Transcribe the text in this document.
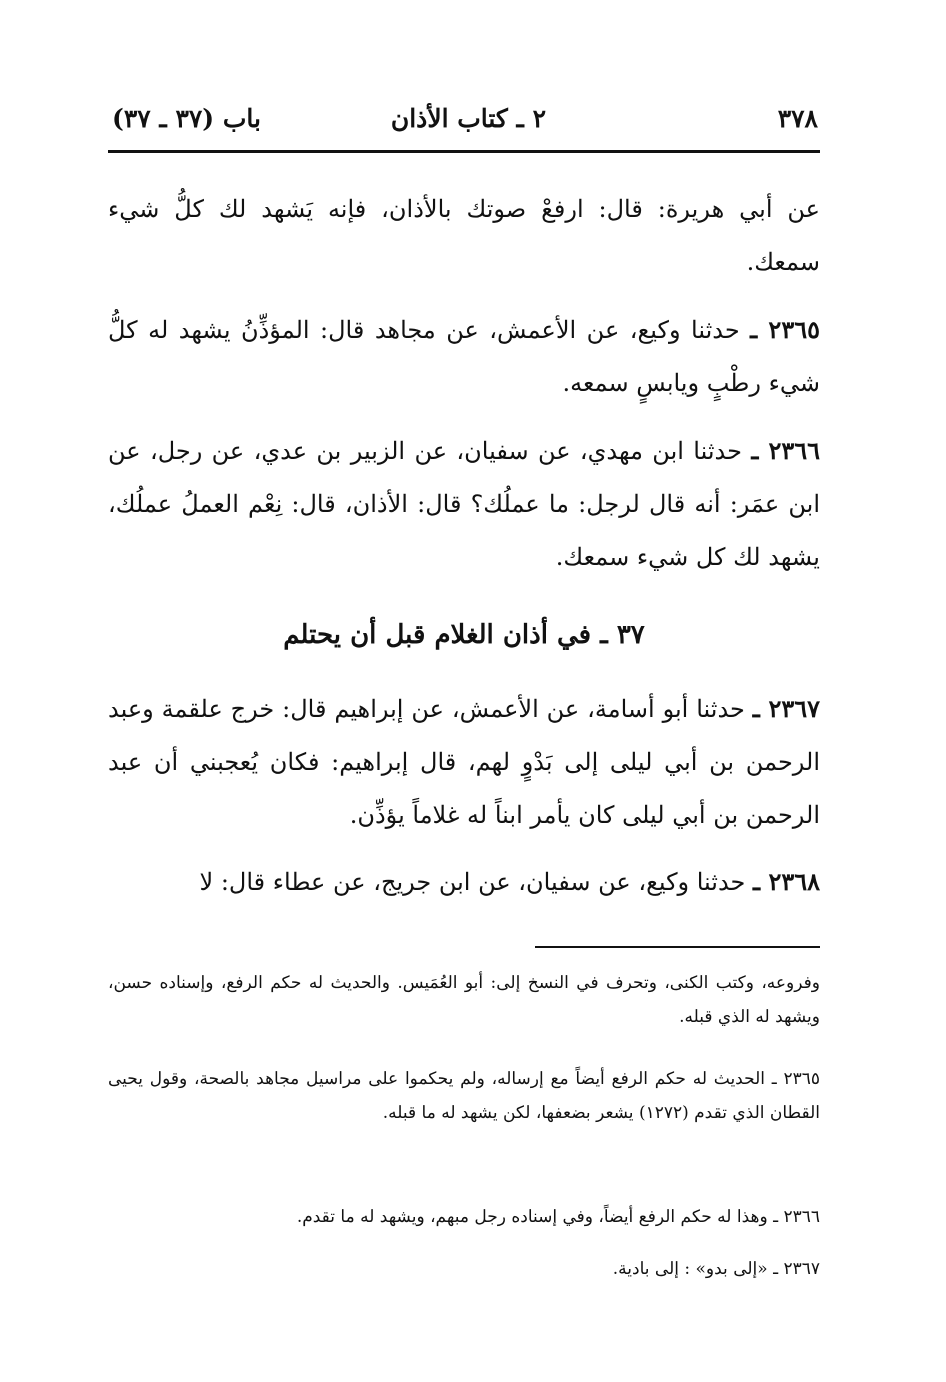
٣٧٨
٢ ـ كتاب الأذان
باب (٣٧ ـ ٣٧)
عن أبي هريرة: قال: ارفعْ صوتك بالأذان، فإنه يَشهد لك كلُّ شيء سمعك.
٢٣٦٥ ـ حدثنا وكيع، عن الأعمش، عن مجاهد قال: المؤذِّنُ يشهد له كلُّ شيء رطْبٍ ويابسٍ سمعه.
٢٣٦٦ ـ حدثنا ابن مهدي، عن سفيان، عن الزبير بن عدي، عن رجل، عن ابن عمَر: أنه قال لرجل: ما عملُك؟ قال: الأذان، قال: نِعْم العملُ عملُك، يشهد لك كل شيء سمعك.
٣٧ ـ في أذان الغلام قبل أن يحتلم
٢٣٦٧ ـ حدثنا أبو أسامة، عن الأعمش، عن إبراهيم قال: خرج علقمة وعبد الرحمن بن أبي ليلى إلى بَدْوٍ لهم، قال إبراهيم: فكان يُعجبني أن عبد الرحمن بن أبي ليلى كان يأمر ابناً له غلاماً يؤذِّن.
٢٣٦٨ ـ حدثنا وكيع، عن سفيان، عن ابن جريج، عن عطاء قال: لا
وفروعه، وكتب الكنى، وتحرف في النسخ إلى: أبو العُمَيس. والحديث له حكم الرفع، وإسناده حسن، ويشهد له الذي قبله.
٢٣٦٥ ـ الحديث له حكم الرفع أيضاً مع إرساله، ولم يحكموا على مراسيل مجاهد بالصحة، وقول يحيى القطان الذي تقدم (١٢٧٢) يشعر بضعفها، لكن يشهد له ما قبله.
٢٣٦٦ ـ وهذا له حكم الرفع أيضاً، وفي إسناده رجل مبهم، ويشهد له ما تقدم.
٢٣٦٧ ـ «إلى بدو» : إلى بادية.
